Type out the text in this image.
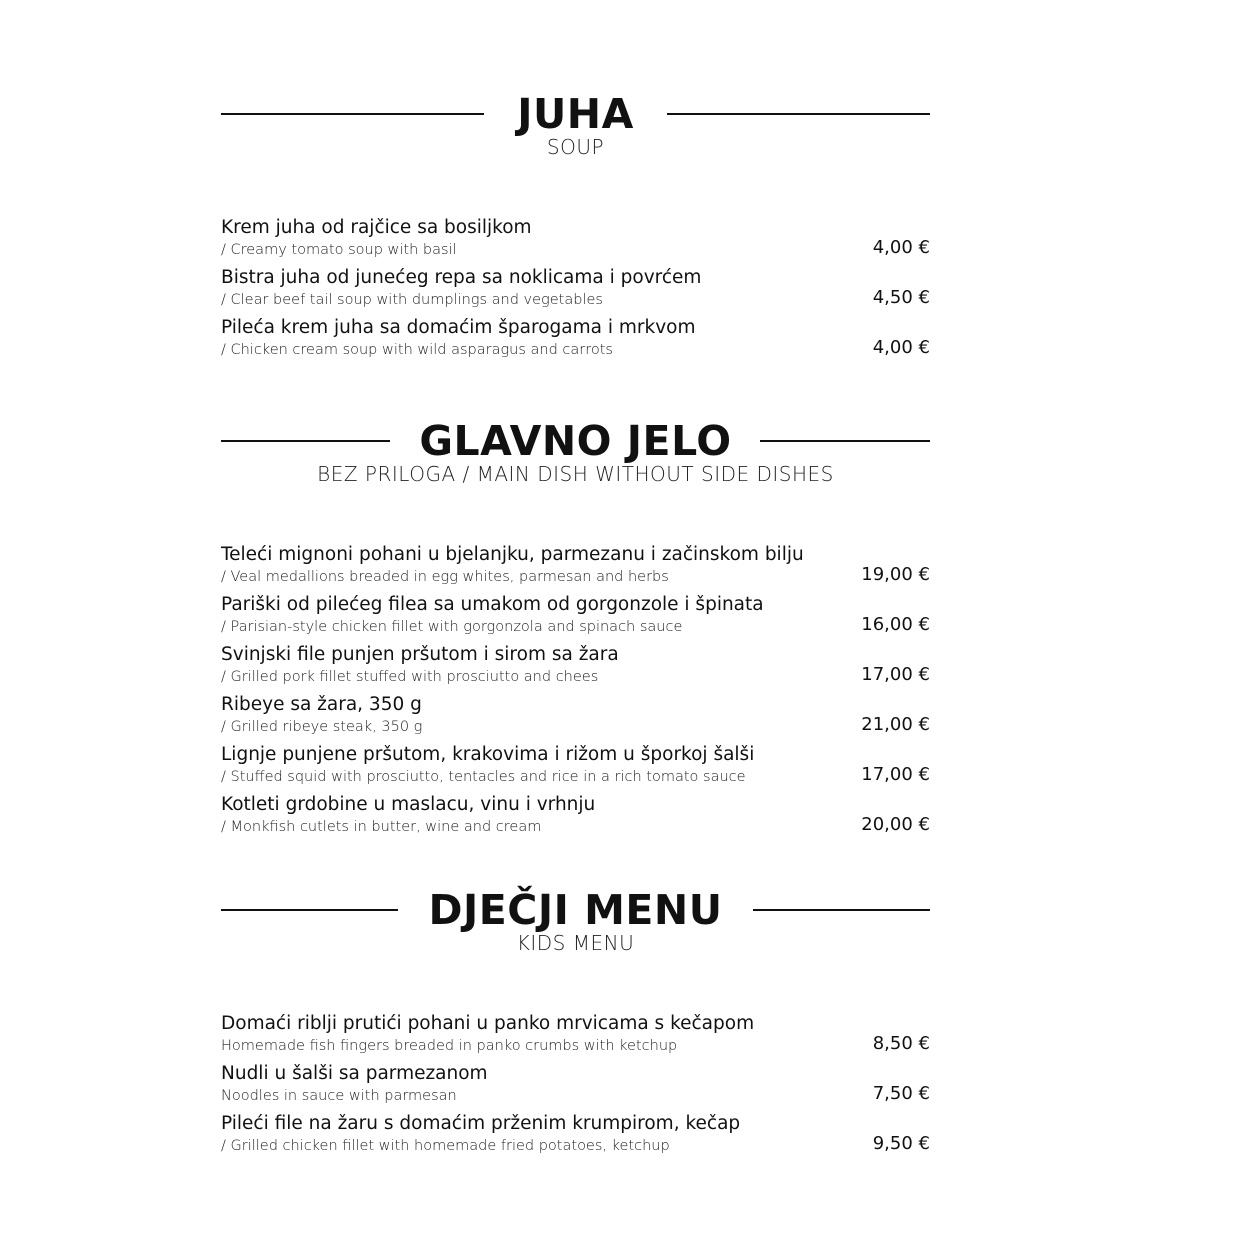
JUHA
SOUP
Krem juha od rajčice sa bosiljkom
/ Creamy tomato soup with basil	4,00 €
Bistra juha od junećeg repa sa noklicama i povrćem
/ Clear beef tail soup with dumplings and vegetables	4,50 €
Pileća krem juha sa domaćim šparogama i mrkvom
/ Chicken cream soup with wild asparagus and carrots	4,00 €
GLAVNO JELO
BEZ PRILOGA / MAIN DISH WITHOUT SIDE DISHES
Teleći mignoni pohani u bjelanjku, parmezanu i začinskom bilju
/ Veal medallions breaded in egg whites, parmesan and herbs	19,00 €
Pariški od pilećeg filea sa umakom od gorgonzole i špinata
/ Parisian-style chicken fillet with gorgonzola and spinach sauce	16,00 €
Svinjski file punjen pršutom i sirom sa žara
/ Grilled pork fillet stuffed with prosciutto and chees	17,00 €
Ribeye sa žara, 350 g
/ Grilled ribeye steak, 350 g	21,00 €
Lignje punjene pršutom, krakovima i rižom u šporkoj šalši
/ Stuffed squid with prosciutto, tentacles and rice in a rich tomato sauce	17,00 €
Kotleti grdobine u maslacu, vinu i vrhnju
/ Monkfish cutlets in butter, wine and cream	20,00 €
DJEČJI MENU
KIDS MENU
Domaći riblji prutići pohani u panko mrvicama s kečapom
Homemade fish fingers breaded in panko crumbs with ketchup	8,50 €
Nudli u šalši sa parmezanom
Noodles in sauce with parmesan	7,50 €
Pileći file na žaru s domaćim prženim krumpirom, kečap
/ Grilled chicken fillet with homemade fried potatoes, ketchup	9,50 €
